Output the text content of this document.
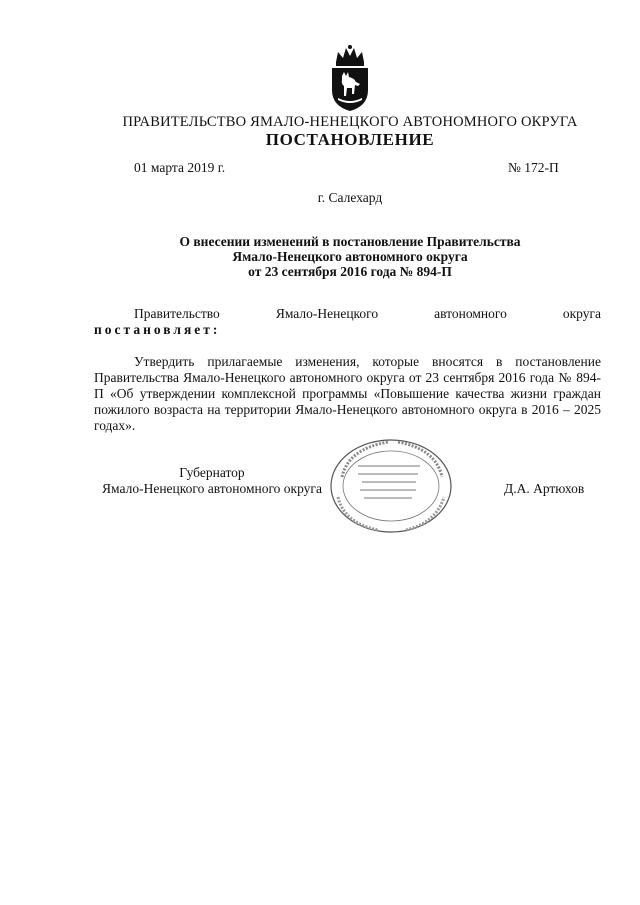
ПРАВИТЕЛЬСТВО ЯМАЛО-НЕНЕЦКОГО АВТОНОМНОГО ОКРУГА
ПОСТАНОВЛЕНИЕ
01 марта 2019 г.	№ 172-П
г. Салехард
О внесении изменений в постановление Правительства
Ямало-Ненецкого автономного округа
от 23 сентября 2016 года № 894-П
Правительство	Ямало-Ненецкого	автономного	округа
постановляет:
Утвердить прилагаемые изменения, которые вносятся в постановление Правительства Ямало-Ненецкого автономного округа от 23 сентября 2016 года № 894-П «Об утверждении комплексной программы «Повышение качества жизни граждан пожилого возраста на территории Ямало-Ненецкого автономного округа в 2016 – 2025 годах».
Губернатор
Ямало-Ненецкого автономного округа	Д.А. Артюхов
